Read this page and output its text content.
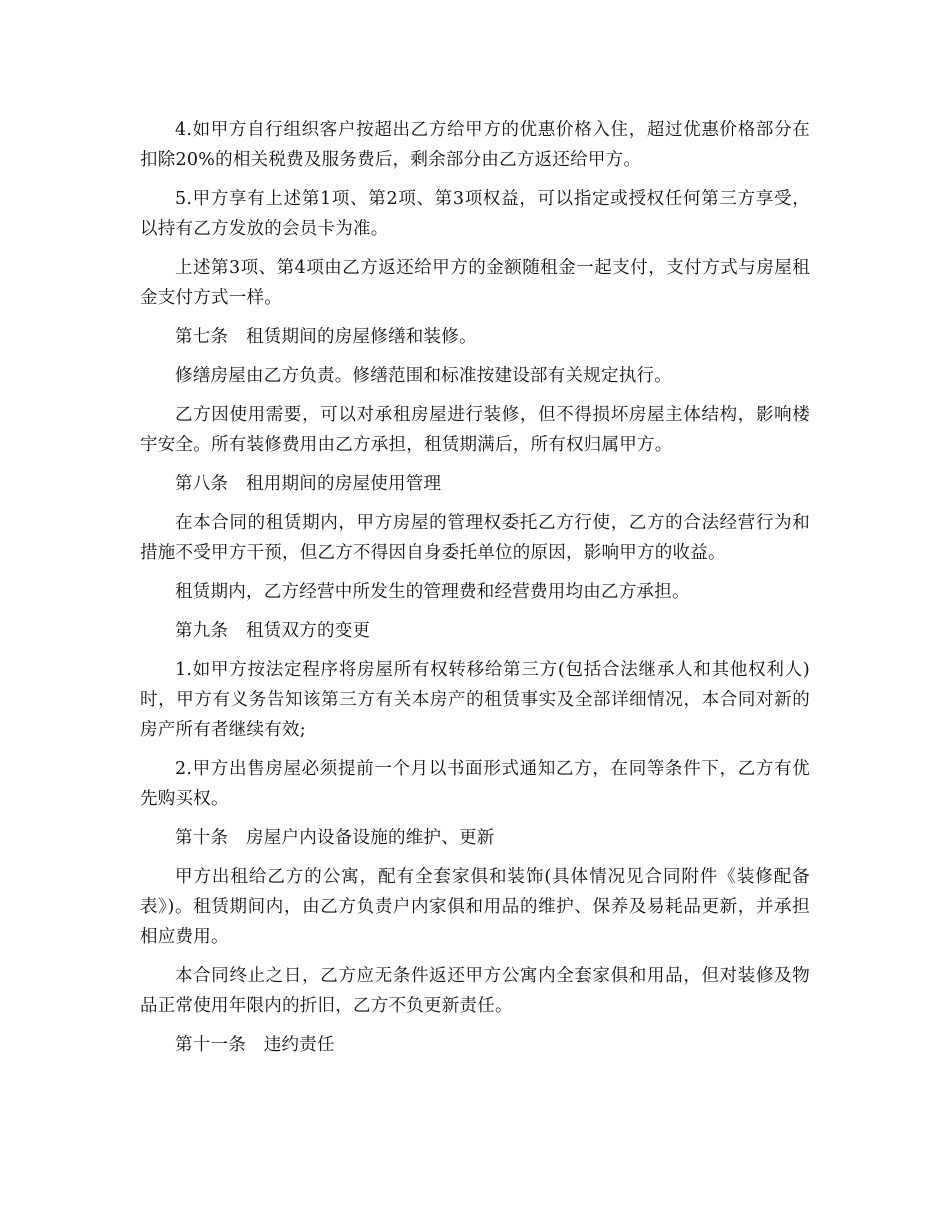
4.如甲方自行组织客户按超出乙方给甲方的优惠价格入住，超过优惠价格部分在扣除20%的相关税费及服务费后，剩余部分由乙方返还给甲方。

5.甲方享有上述第1项、第2项、第3项权益，可以指定或授权任何第三方享受，以持有乙方发放的会员卡为准。

上述第3项、第4项由乙方返还给甲方的金额随租金一起支付，支付方式与房屋租金支付方式一样。

第七条　租赁期间的房屋修缮和装修。

修缮房屋由乙方负责。修缮范围和标准按建设部有关规定执行。

乙方因使用需要，可以对承租房屋进行装修，但不得损坏房屋主体结构，影响楼宇安全。所有装修费用由乙方承担，租赁期满后，所有权归属甲方。

第八条　租用期间的房屋使用管理

在本合同的租赁期内，甲方房屋的管理权委托乙方行使，乙方的合法经营行为和措施不受甲方干预，但乙方不得因自身委托单位的原因，影响甲方的收益。

租赁期内，乙方经营中所发生的管理费和经营费用均由乙方承担。

第九条　租赁双方的变更

1.如甲方按法定程序将房屋所有权转移给第三方(包括合法继承人和其他权利人)时，甲方有义务告知该第三方有关本房产的租赁事实及全部详细情况，本合同对新的房产所有者继续有效;

2.甲方出售房屋必须提前一个月以书面形式通知乙方，在同等条件下，乙方有优先购买权。

第十条　房屋户内设备设施的维护、更新

甲方出租给乙方的公寓，配有全套家俱和装饰(具体情况见合同附件《装修配备表》)。租赁期间内，由乙方负责户内家俱和用品的维护、保养及易耗品更新，并承担相应费用。

本合同终止之日，乙方应无条件返还甲方公寓内全套家俱和用品，但对装修及物品正常使用年限内的折旧，乙方不负更新责任。

第十一条　违约责任
